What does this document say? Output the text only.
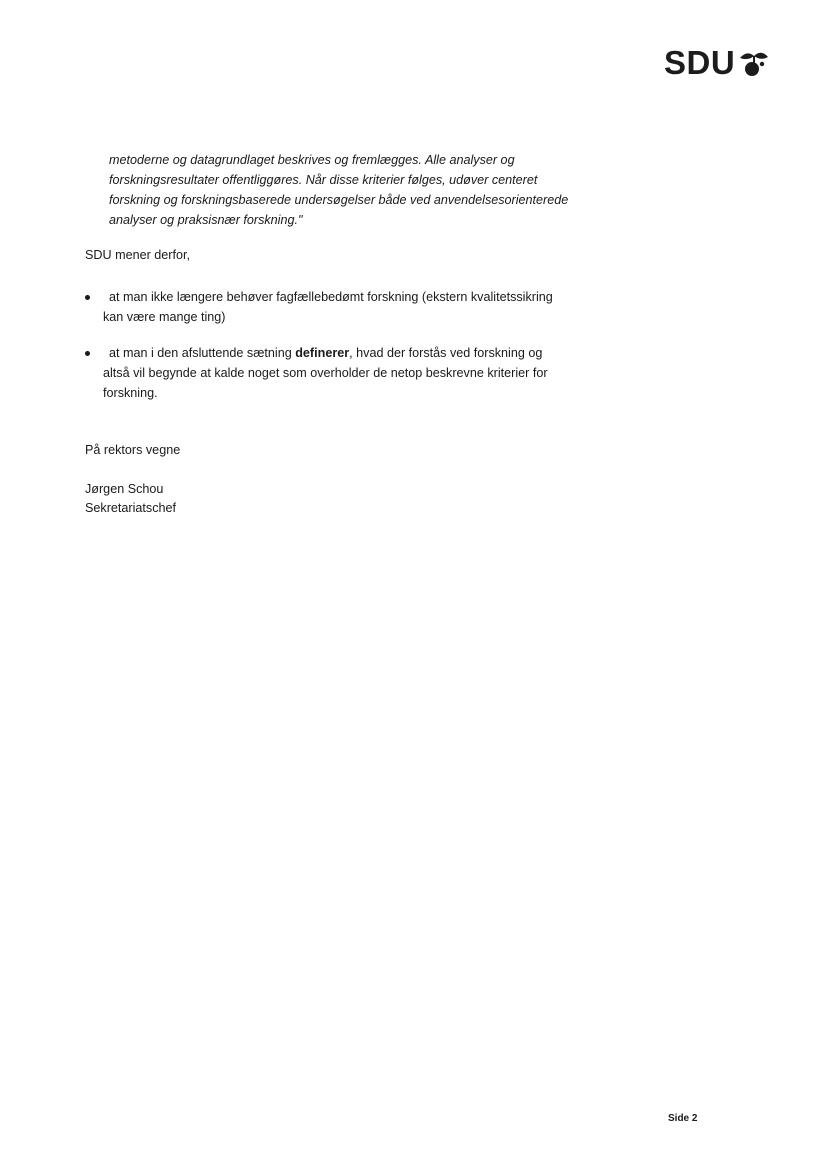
SDU

metoderne og datagrundlaget beskrives og fremlægges. Alle analyser og

forskningsresultater offentliggøres. Når disse kriterier følges, udøver centeret

forskning og forskningsbaserede undersøgelser både ved anvendelsesorienterede

analyser og praksisnær forskning."

SDU mener derfor,

at man ikke længere behøver fagfællebedømt forskning (ekstern kvalitetssikring
kan være mange ting)
at man i den afsluttende sætning definerer, hvad der forstås ved forskning og
altså vil begynde at kalde noget som overholder de netop beskrevne kriterier for
forskning.

På rektors vegne

Jørgen Schou
Sekretariatschef
Side 2
